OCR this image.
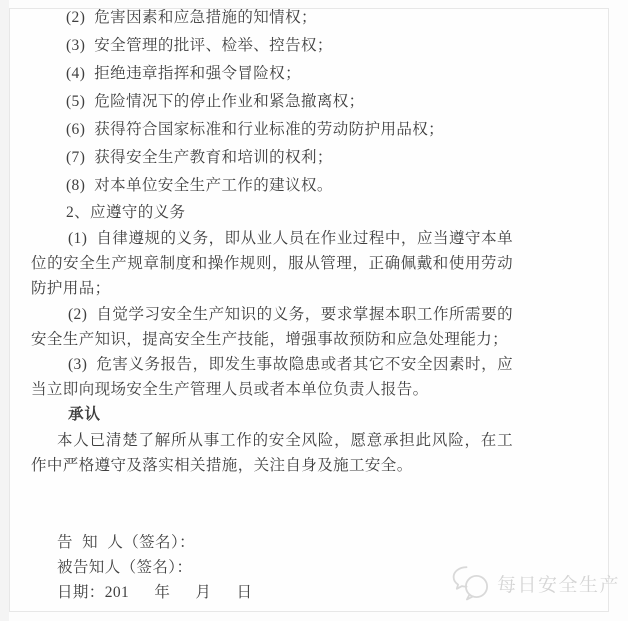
(2) 危害因素和应急措施的知情权；
(3) 安全管理的批评、检举、控告权；
(4) 拒绝违章指挥和强令冒险权；
(5) 危险情况下的停止作业和紧急撤离权；
(6) 获得符合国家标准和行业标准的劳动防护用品权；
(7) 获得安全生产教育和培训的权利；
(8) 对本单位安全生产工作的建议权。
2、应遵守的义务

(1) 自律遵规的义务，即从业人员在作业过程中，应当遵守本单位的安全生产规章制度和操作规则，服从管理，正确佩戴和使用劳动防护用品；

(2) 自觉学习安全生产知识的义务，要求掌握本职工作所需要的安全生产知识，提高安全生产技能，增强事故预防和应急处理能力；

(3) 危害义务报告，即发生事故隐患或者其它不安全因素时，应当立即向现场安全生产管理人员或者本单位负责人报告。

承认

本人已清楚了解所从事工作的安全风险，愿意承担此风险，在工作中严格遵守及落实相关措施，关注自身及施工安全。

告 知 人（签名）：
被告知人（签名）：
日期：201　 年　 月　 日	每日安全生产
